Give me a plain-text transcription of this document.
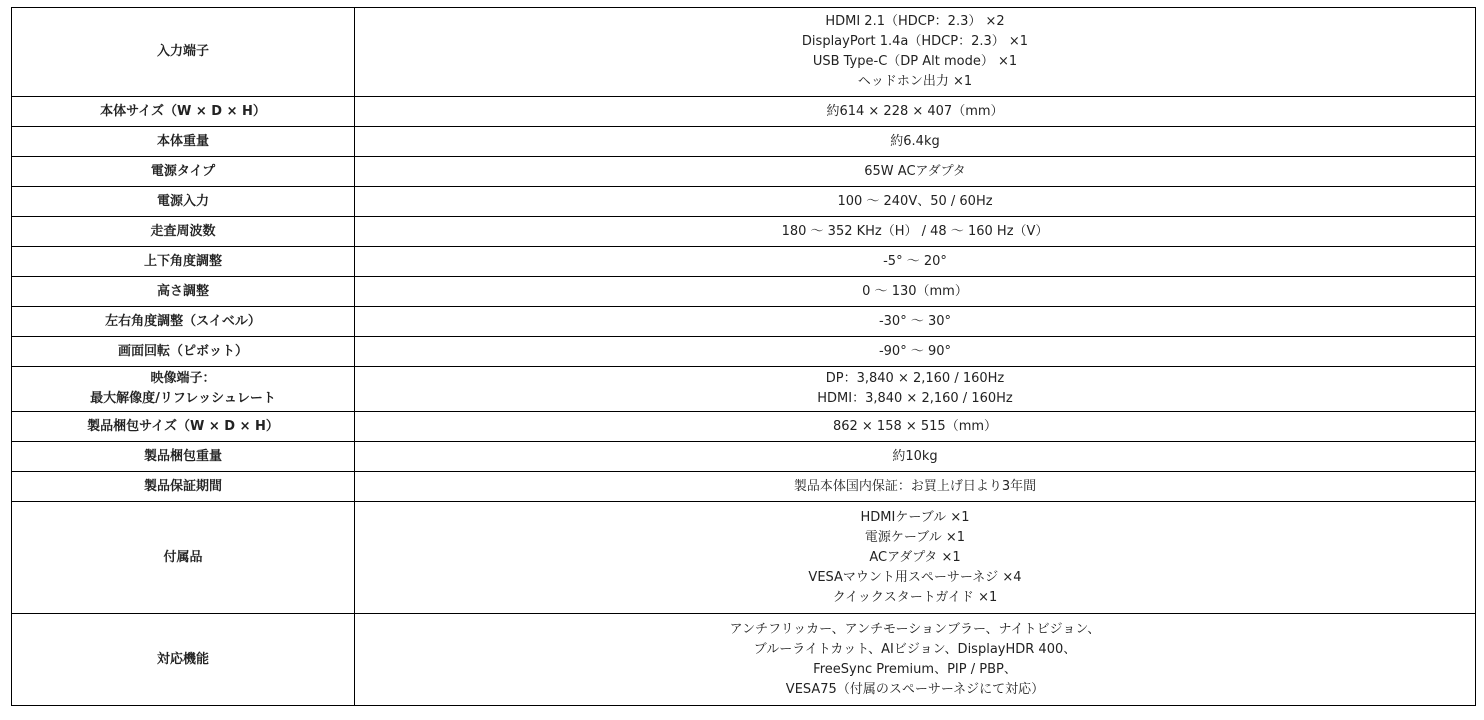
入力端子	HDMI 2.1（HDCP：2.3） ×2
DisplayPort 1.4a（HDCP：2.3） ×1
USB Type-C（DP Alt mode） ×1
ヘッドホン出力 ×1

本体サイズ（W × D × H）	約614 × 228 × 407（mm）

本体重量	約6.4kg

電源タイプ	65W ACアダプタ

電源入力	100 ～ 240V、50 / 60Hz

走査周波数	180 ～ 352 KHz（H） / 48 ～ 160 Hz（V）

上下角度調整	-5° ～ 20°

高さ調整	0 ～ 130（mm）

左右角度調整（スイベル）	-30° ～ 30°

画面回転（ピボット）	-90° ～ 90°

映像端子：
最大解像度/リフレッシュレート	DP：3,840 × 2,160 / 160Hz
HDMI：3,840 × 2,160 / 160Hz

製品梱包サイズ（W × D × H）	862 × 158 × 515（mm）

製品梱包重量	約10kg

製品保証期間	製品本体国内保証：お買上げ日より3年間

付属品	HDMIケーブル ×1
電源ケーブル ×1
ACアダプタ ×1
VESAマウント用スペーサーネジ ×4
クイックスタートガイド ×1

対応機能	アンチフリッカー、アンチモーションブラー、ナイトビジョン、
ブルーライトカット、AIビジョン、DisplayHDR 400、
FreeSync Premium、PIP / PBP、
VESA75（付属のスペーサーネジにて対応）
